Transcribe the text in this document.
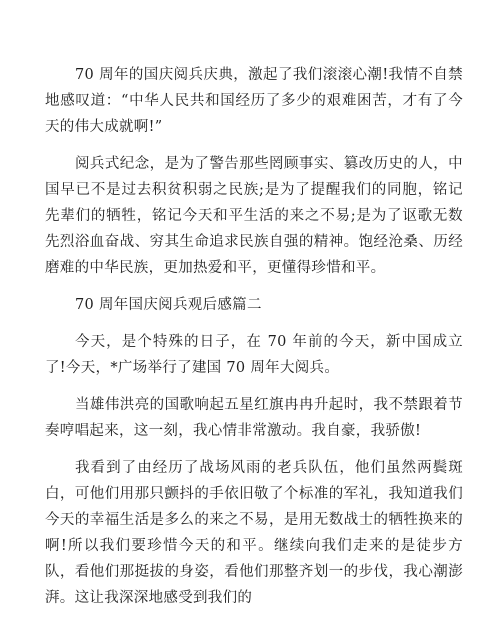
70 周年的国庆阅兵庆典，激起了我们滚滚心潮!我情不自禁地感叹道：“中华人民共和国经历了多少的艰难困苦，才有了今天的伟大成就啊!”

阅兵式纪念，是为了警告那些罔顾事实、篡改历史的人，中国早已不是过去积贫积弱之民族;是为了提醒我们的同胞，铭记先辈们的牺牲，铭记今天和平生活的来之不易;是为了讴歌无数先烈浴血奋战、穷其生命追求民族自强的精神。饱经沧桑、历经磨难的中华民族，更加热爱和平，更懂得珍惜和平。

70 周年国庆阅兵观后感篇二

今天，是个特殊的日子，在 70 年前的今天，新中国成立了!今天，*广场举行了建国 70 周年大阅兵。

当雄伟洪亮的国歌响起五星红旗冉冉升起时，我不禁跟着节奏哼唱起来，这一刻，我心情非常激动。我自豪，我骄傲!

我看到了由经历了战场风雨的老兵队伍，他们虽然两鬓斑白，可他们用那只颤抖的手依旧敬了个标准的军礼，我知道我们今天的幸福生活是多么的来之不易，是用无数战士的牺牲换来的啊!所以我们要珍惜今天的和平。继续向我们走来的是徒步方队，看他们那挺拔的身姿，看他们那整齐划一的步伐，我心潮澎湃。这让我深深地感受到我们的
